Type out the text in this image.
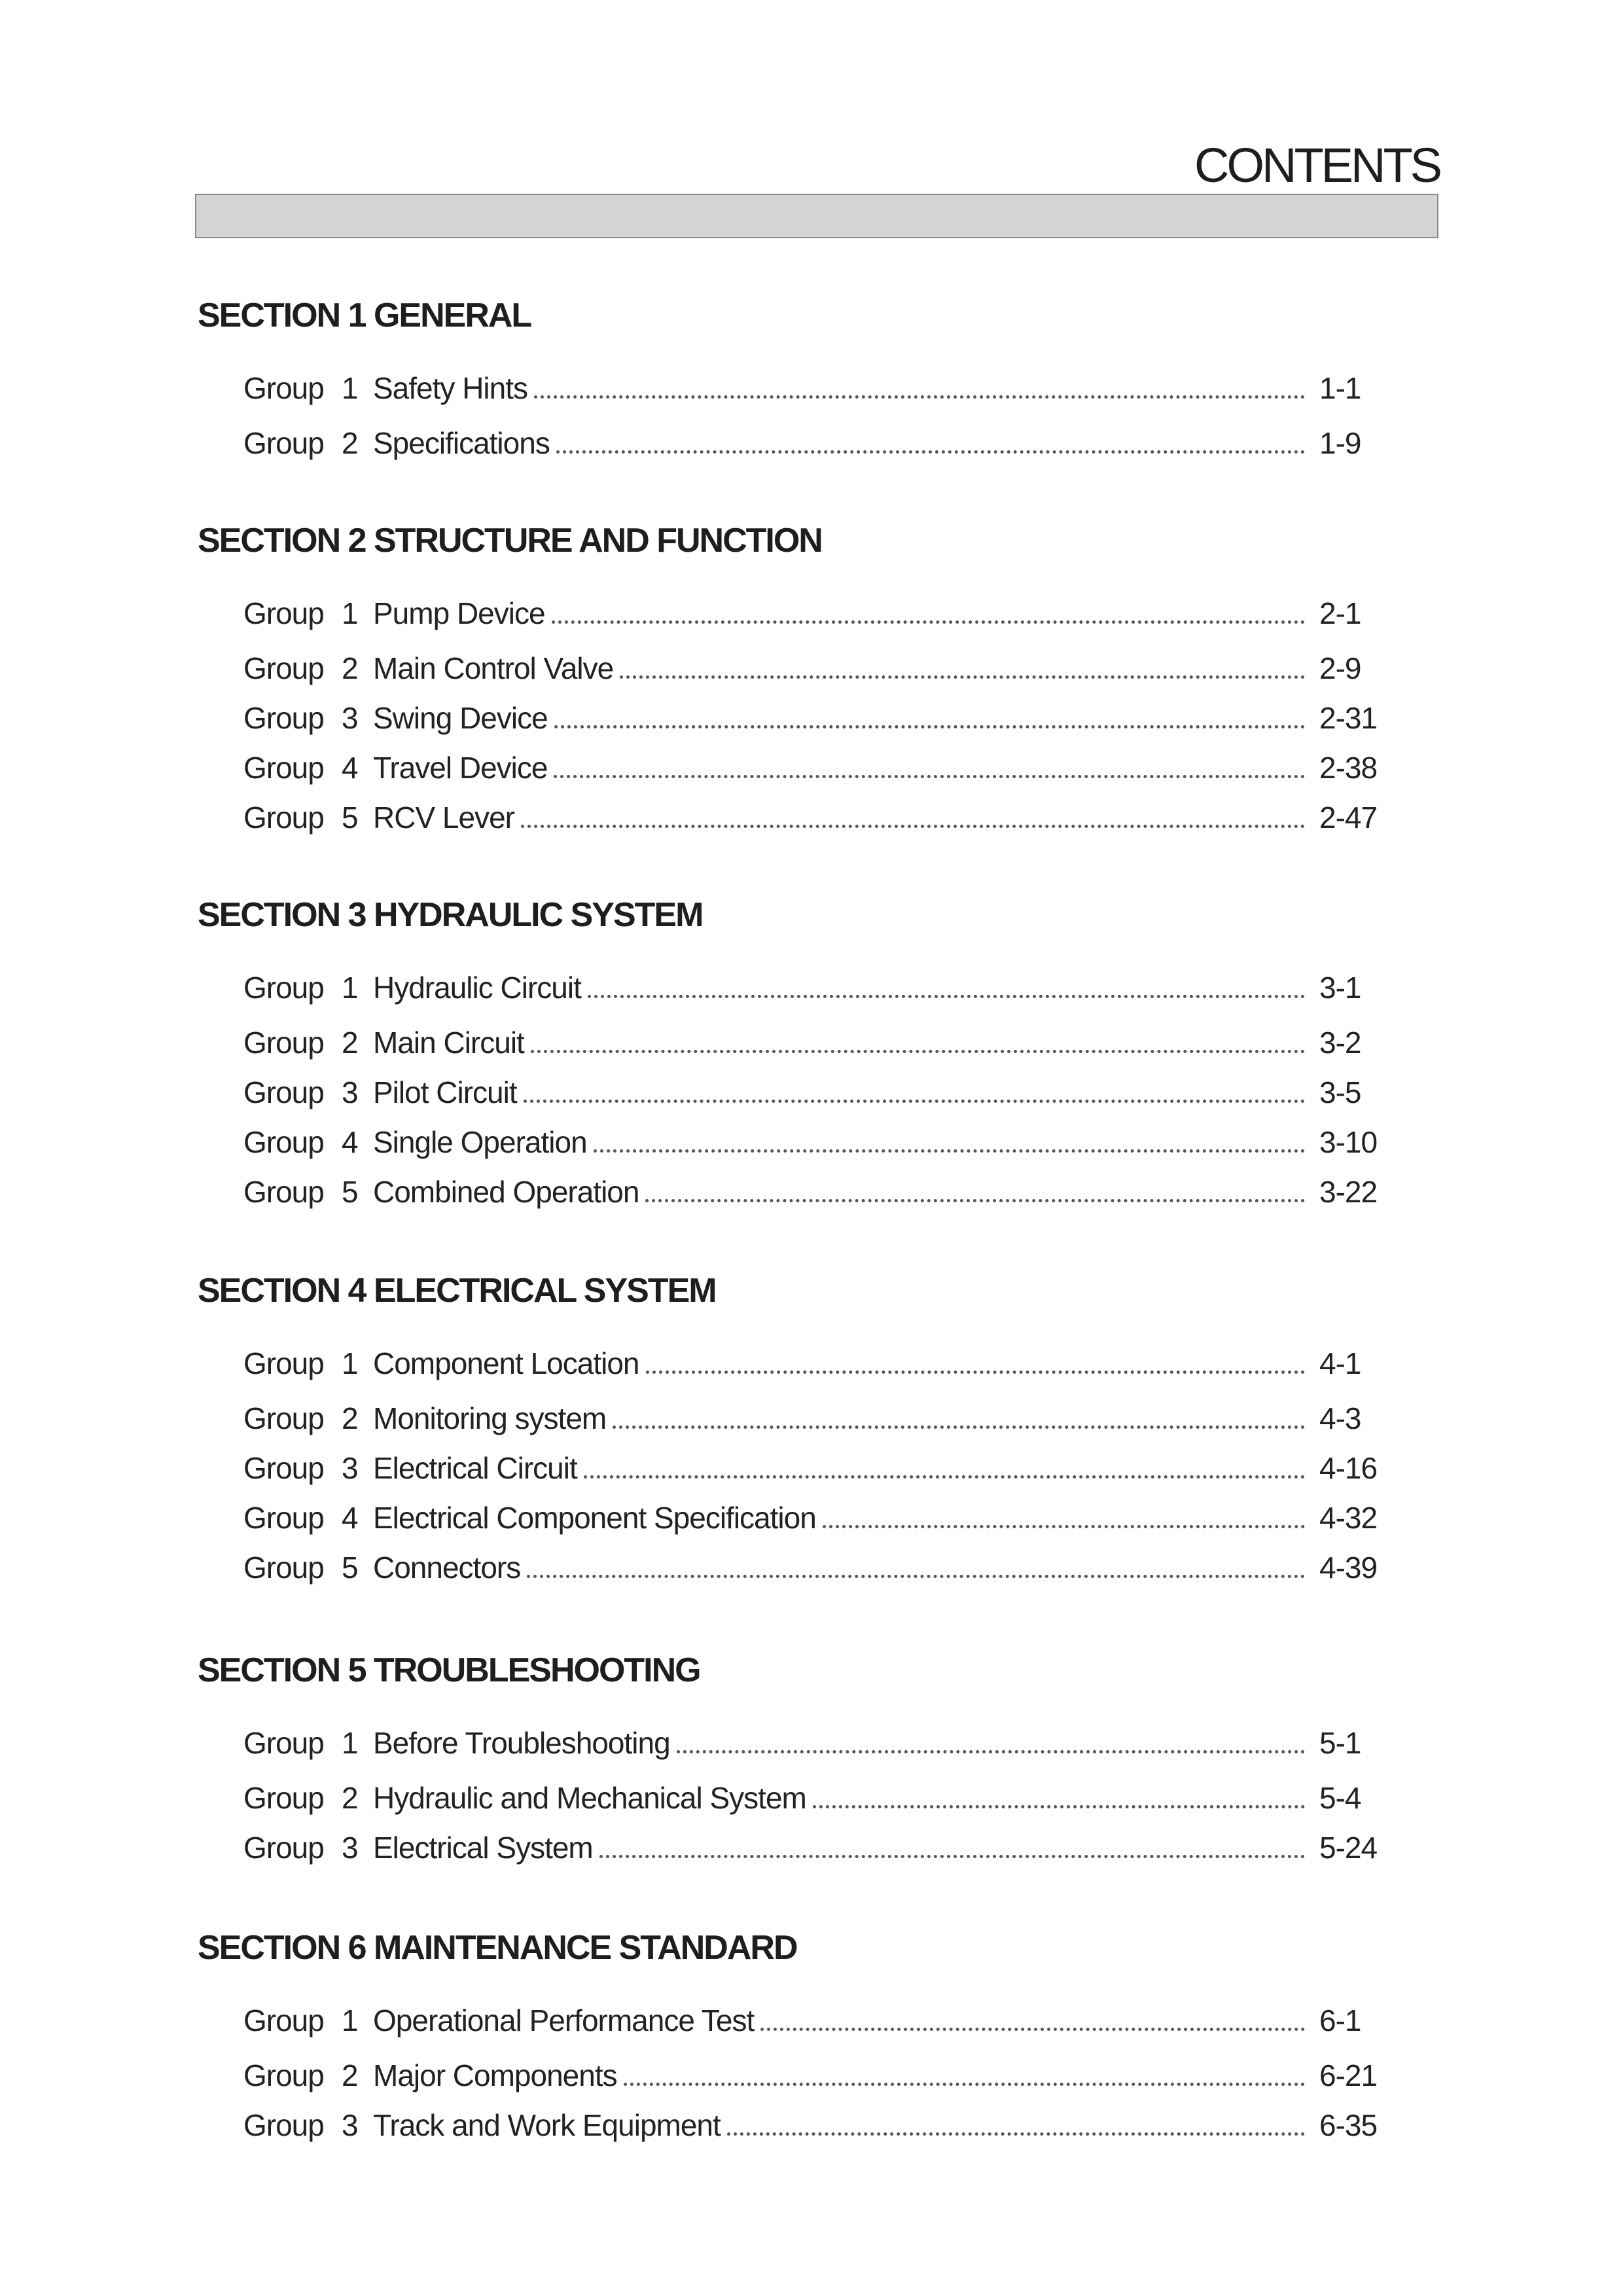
CONTENTS
SECTION 1 GENERAL
Group 1 Safety Hints	1-1
Group 2 Specifications	1-9
SECTION 2 STRUCTURE AND FUNCTION
Group 1 Pump Device	2-1
Group 2 Main Control Valve	2-9
Group 3 Swing Device	2-31
Group 4 Travel Device	2-38
Group 5 RCV Lever	2-47
SECTION 3 HYDRAULIC SYSTEM
Group 1 Hydraulic Circuit	3-1
Group 2 Main Circuit	3-2
Group 3 Pilot Circuit	3-5
Group 4 Single Operation	3-10
Group 5 Combined Operation	3-22
SECTION 4 ELECTRICAL SYSTEM
Group 1 Component Location	4-1
Group 2 Monitoring system	4-3
Group 3 Electrical Circuit	4-16
Group 4 Electrical Component Specification	4-32
Group 5 Connectors	4-39
SECTION 5 TROUBLESHOOTING
Group 1 Before Troubleshooting	5-1
Group 2 Hydraulic and Mechanical System	5-4
Group 3 Electrical System	5-24
SECTION 6 MAINTENANCE STANDARD
Group 1 Operational Performance Test	6-1
Group 2 Major Components	6-21
Group 3 Track and Work Equipment	6-35
